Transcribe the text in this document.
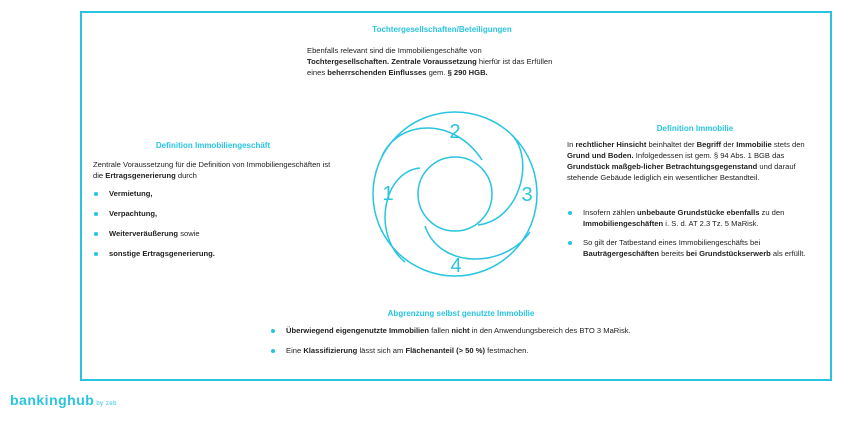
Tochtergesellschaften/Beteiligungen
Ebenfalls relevant sind die Immobiliengeschäfte von
Tochtergesellschaften. Zentrale Voraussetzung hierfür ist das Erfüllen
eines beherrschenden Einflusses gem. § 290 HGB.
Definition Immobiliengeschäft
Zentrale Voraussetzung für die Definition von Immobiliengeschäften ist die Ertragsgenerierung durch
Vermietung,
Verpachtung,
Weiterveräußerung sowie
sonstige Ertragsgenerierung.
Definition Immobilie
In rechtlicher Hinsicht beinhaltet der Begriff der Immobilie stets den Grund und Boden. Infolgedessen ist gem. § 94 Abs. 1 BGB das Grundstück maßgeb-licher Betrachtungsgegenstand und darauf stehende Gebäude lediglich ein wesentlicher Bestandteil.
Insofern zählen unbebaute Grundstücke ebenfalls zu den Immobiliengeschäften i. S. d. AT 2.3 Tz. 5 MaRisk.
So gilt der Tatbestand eines Immobiliengeschäfts bei Bauträgergeschäften bereits bei Grundstückserwerb als erfüllt.
Abgrenzung selbst genutzte Immobilie
Überwiegend eigengenutzte Immobilien fallen nicht in den Anwendungsbereich des BTO 3 MaRisk.
Eine Klassifizierung lässt sich am Flächenanteil (> 50 %) festmachen.
2
1	3
4
bankinghub by zeb
